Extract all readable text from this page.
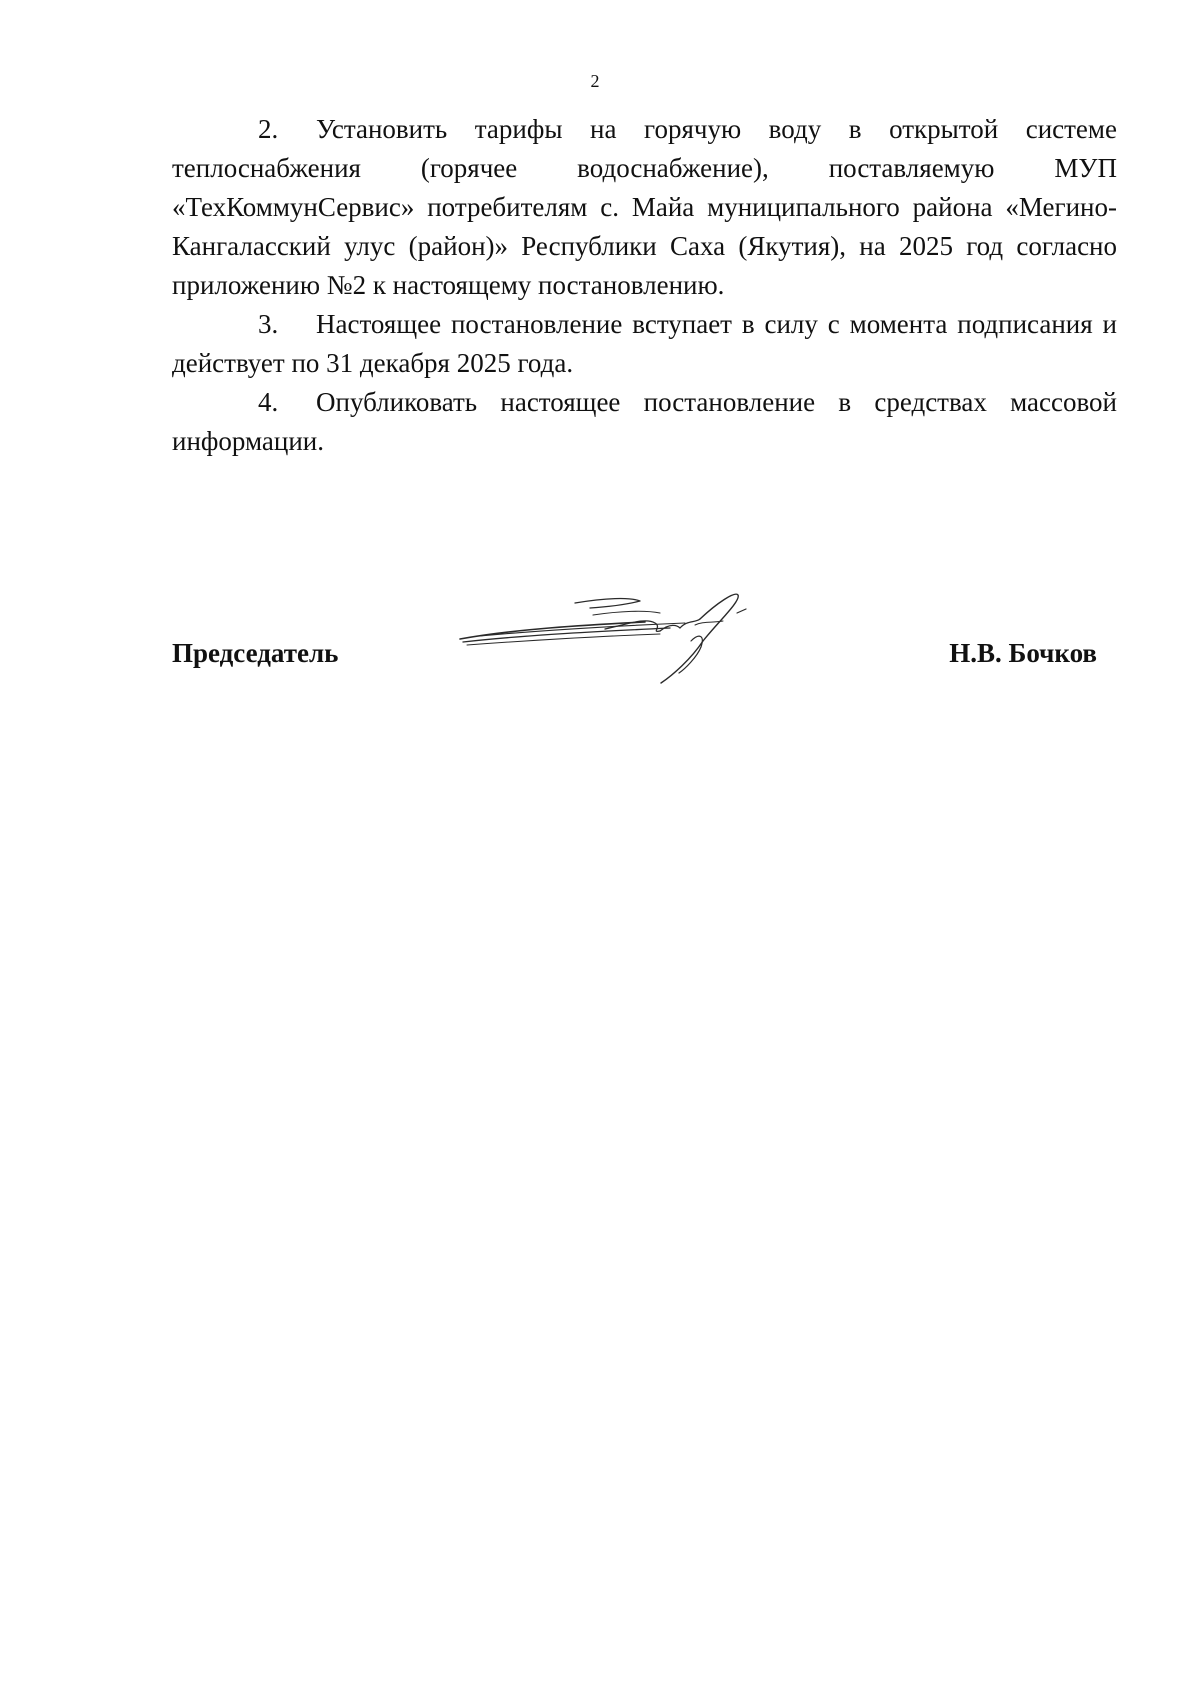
2

2. Установить тарифы на горячую воду в открытой системе теплоснабжения (горячее водоснабжение), поставляемую МУП «ТехКоммунСервис» потребителям с. Майа муниципального района «Мегино-Кангаласский улус (район)» Республики Саха (Якутия), на 2025 год согласно приложению №2 к настоящему постановлению.

3. Настоящее постановление вступает в силу с момента подписания и действует по 31 декабря 2025 года.

4. Опубликовать настоящее постановление в средствах массовой информации.

Председатель	Н.В. Бочков
